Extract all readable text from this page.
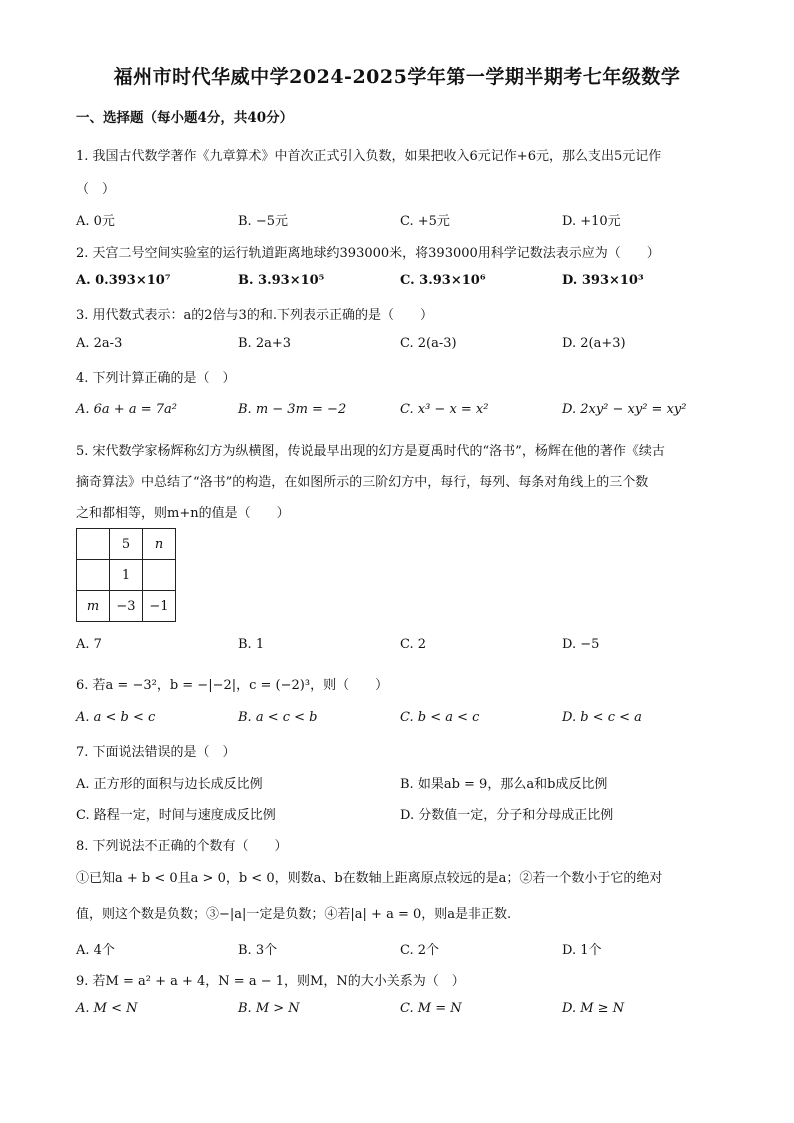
福州市时代华威中学2024-2025学年第一学期半期考七年级数学
一、选择题（每小题4分，共40分）
1. 我国古代数学著作《九章算术》中首次正式引入负数，如果把收入6元记作+6元，那么支出5元记作
（　）
A. 0元	B. −5元	C. +5元	D. +10元
2. 天宫二号空间实验室的运行轨道距离地球约393000米，将393000用科学记数法表示应为（　　）
A. 0.393×10⁷	B. 3.93×10⁵	C. 3.93×10⁶	D. 393×10³
3. 用代数式表示：a的2倍与3的和.下列表示正确的是（　　）
A. 2a-3	B. 2a+3	C. 2(a-3)	D. 2(a+3)
4. 下列计算正确的是（　）
A. 6a + a = 7a²	B. m − 3m = −2	C. x³ − x = x²	D. 2xy² − xy² = xy²
5. 宋代数学家杨辉称幻方为纵横图，传说最早出现的幻方是夏禹时代的“洛书”，杨辉在他的著作《续古
摘奇算法》中总结了“洛书”的构造，在如图所示的三阶幻方中，每行，每列、每条对角线上的三个数
之和都相等，则m+n的值是（　　）
	5	n
	1	
m	−3	−1
A. 7	B. 1	C. 2	D. −5
6. 若a = −3²，b = −|−2|，c = (−2)³，则（　　）
A. a < b < c	B. a < c < b	C. b < a < c	D. b < c < a
7. 下面说法错误的是（　）
A. 正方形的面积与边长成反比例	B. 如果ab = 9，那么a和b成反比例
C. 路程一定，时间与速度成反比例	D. 分数值一定，分子和分母成正比例
8. 下列说法不正确的个数有（　　）
①已知a + b < 0且a > 0，b < 0，则数a、b在数轴上距离原点较远的是a；②若一个数小于它的绝对
值，则这个数是负数；③−|a|一定是负数；④若|a| + a = 0，则a是非正数.
A. 4个	B. 3个	C. 2个	D. 1个
9. 若M = a² + a + 4，N = a − 1，则M，N的大小关系为（　）
A. M < N	B. M > N	C. M = N	D. M ≥ N
